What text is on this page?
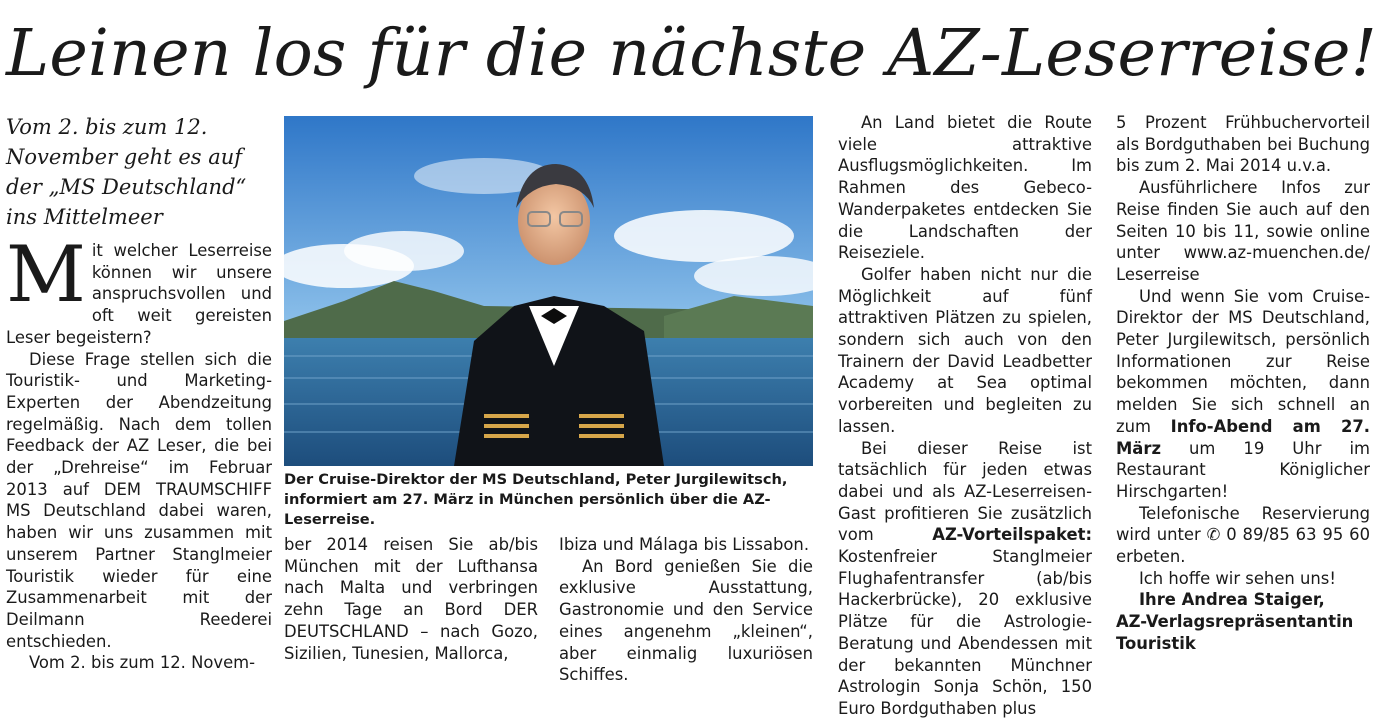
Leinen los für die nächste AZ-Leserreise!
Vom 2. bis zum 12. November geht es auf der „MS Deutschland“ ins Mittelmeer

Mit welcher Leserreise können wir unsere anspruchsvollen und oft weit gereisten Leser begeistern?

Diese Frage stellen sich die Touristik- und Marketing-Experten der Abendzeitung regelmäßig. Nach dem tollen Feedback der AZ Leser, die bei der „Drehreise“ im Februar 2013 auf DEM TRAUMSCHIFF MS Deutschland dabei waren, haben wir uns zusammen mit unserem Partner Stanglmeier Touristik wieder für eine Zusammenarbeit mit der Deilmann Reederei entschieden.

Vom 2. bis zum 12. Novem-

Der Cruise-Direktor der MS Deutschland, Peter Jurgilewitsch, informiert am 27. März in München persönlich über die AZ-Leserreise.

ber 2014 reisen Sie ab/bis München mit der Lufthansa nach Malta und verbringen zehn Tage an Bord DER DEUTSCHLAND – nach Gozo, Sizilien, Tunesien, Mallorca,

Ibiza und Málaga bis Lissabon.

An Bord genießen Sie die exklusive Ausstattung, Gastronomie und den Service eines angenehm „kleinen“, aber einmalig luxuriösen Schiffes.

An Land bietet die Route viele attraktive Ausflugsmöglichkeiten. Im Rahmen des Gebeco-Wanderpaketes entdecken Sie die Landschaften der Reiseziele.

Golfer haben nicht nur die Möglichkeit auf fünf attraktiven Plätzen zu spielen, sondern sich auch von den Trainern der David Leadbetter Academy at Sea optimal vorbereiten und begleiten zu lassen.

Bei dieser Reise ist tatsächlich für jeden etwas dabei und als AZ-Leserreisen-Gast profitieren Sie zusätzlich vom	AZ-Vorteilspaket: Kostenfreier Stanglmeier Flughafentransfer (ab/bis Hackerbrücke), 20 exklusive Plätze für die Astrologie-Beratung und Abendessen mit der bekannten Münchner Astrologin Sonja Schön, 150 Euro Bordguthaben plus

5 Prozent Frühbuchervorteil als Bordguthaben bei Buchung bis zum 2. Mai 2014 u.v.a.

Ausführlichere Infos zur Reise finden Sie auch auf den Seiten 10 bis 11, sowie online unter www.az-muenchen.de/ Leserreise

Und wenn Sie vom Cruise-Direktor der MS Deutschland, Peter Jurgilewitsch, persönlich Informationen zur Reise bekommen möchten, dann melden Sie sich schnell an zum Info-Abend am 27. März um 19 Uhr im Restaurant Königlicher Hirschgarten!

Telefonische Reservierung wird unter ✆ 0 89/85 63 95 60 erbeten.

Ich hoffe wir sehen uns!

Ihre Andrea Staiger,

AZ-Verlagsrepräsentantin Touristik
